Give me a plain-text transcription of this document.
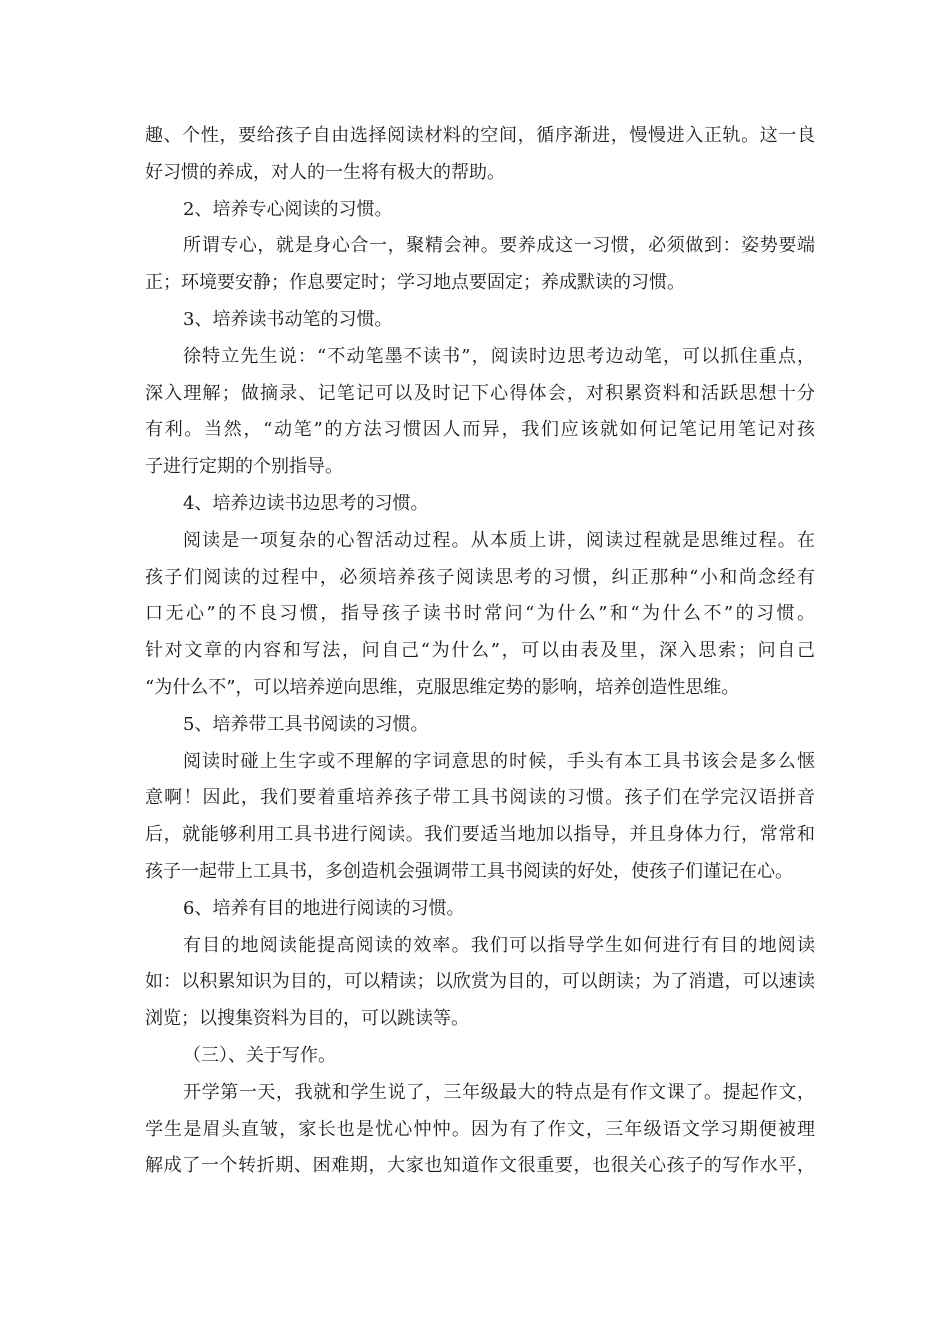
趣、个性，要给孩子自由选择阅读材料的空间，循序渐进，慢慢进入正轨。这一良
好习惯的养成，对人的一生将有极大的帮助。
2、培养专心阅读的习惯。
所谓专心，就是身心合一，聚精会神。要养成这一习惯，必须做到：姿势要端
正；环境要安静；作息要定时；学习地点要固定；养成默读的习惯。
3、培养读书动笔的习惯。
徐特立先生说：“不动笔墨不读书”，阅读时边思考边动笔，可以抓住重点，
深入理解；做摘录、记笔记可以及时记下心得体会，对积累资料和活跃思想十分
有利。当然，“动笔”的方法习惯因人而异，我们应该就如何记笔记用笔记对孩
子进行定期的个别指导。
4、培养边读书边思考的习惯。
阅读是一项复杂的心智活动过程。从本质上讲，阅读过程就是思维过程。在
孩子们阅读的过程中，必须培养孩子阅读思考的习惯，纠正那种“小和尚念经有
口无心”的不良习惯，指导孩子读书时常问“为什么”和“为什么不”的习惯。
针对文章的内容和写法，问自己“为什么”，可以由表及里，深入思索；问自己
“为什么不”，可以培养逆向思维，克服思维定势的影响，培养创造性思维。
5、培养带工具书阅读的习惯。
阅读时碰上生字或不理解的字词意思的时候，手头有本工具书该会是多么惬
意啊！因此，我们要着重培养孩子带工具书阅读的习惯。孩子们在学完汉语拼音
后，就能够利用工具书进行阅读。我们要适当地加以指导，并且身体力行，常常和
孩子一起带上工具书，多创造机会强调带工具书阅读的好处，使孩子们谨记在心。
6、培养有目的地进行阅读的习惯。
有目的地阅读能提高阅读的效率。我们可以指导学生如何进行有目的地阅读
如：以积累知识为目的，可以精读；以欣赏为目的，可以朗读；为了消遣，可以速读
浏览；以搜集资料为目的，可以跳读等。
（三）、关于写作。
开学第一天，我就和学生说了，三年级最大的特点是有作文课了。提起作文，
学生是眉头直皱，家长也是忧心忡忡。因为有了作文，三年级语文学习期便被理
解成了一个转折期、困难期，大家也知道作文很重要，也很关心孩子的写作水平，
